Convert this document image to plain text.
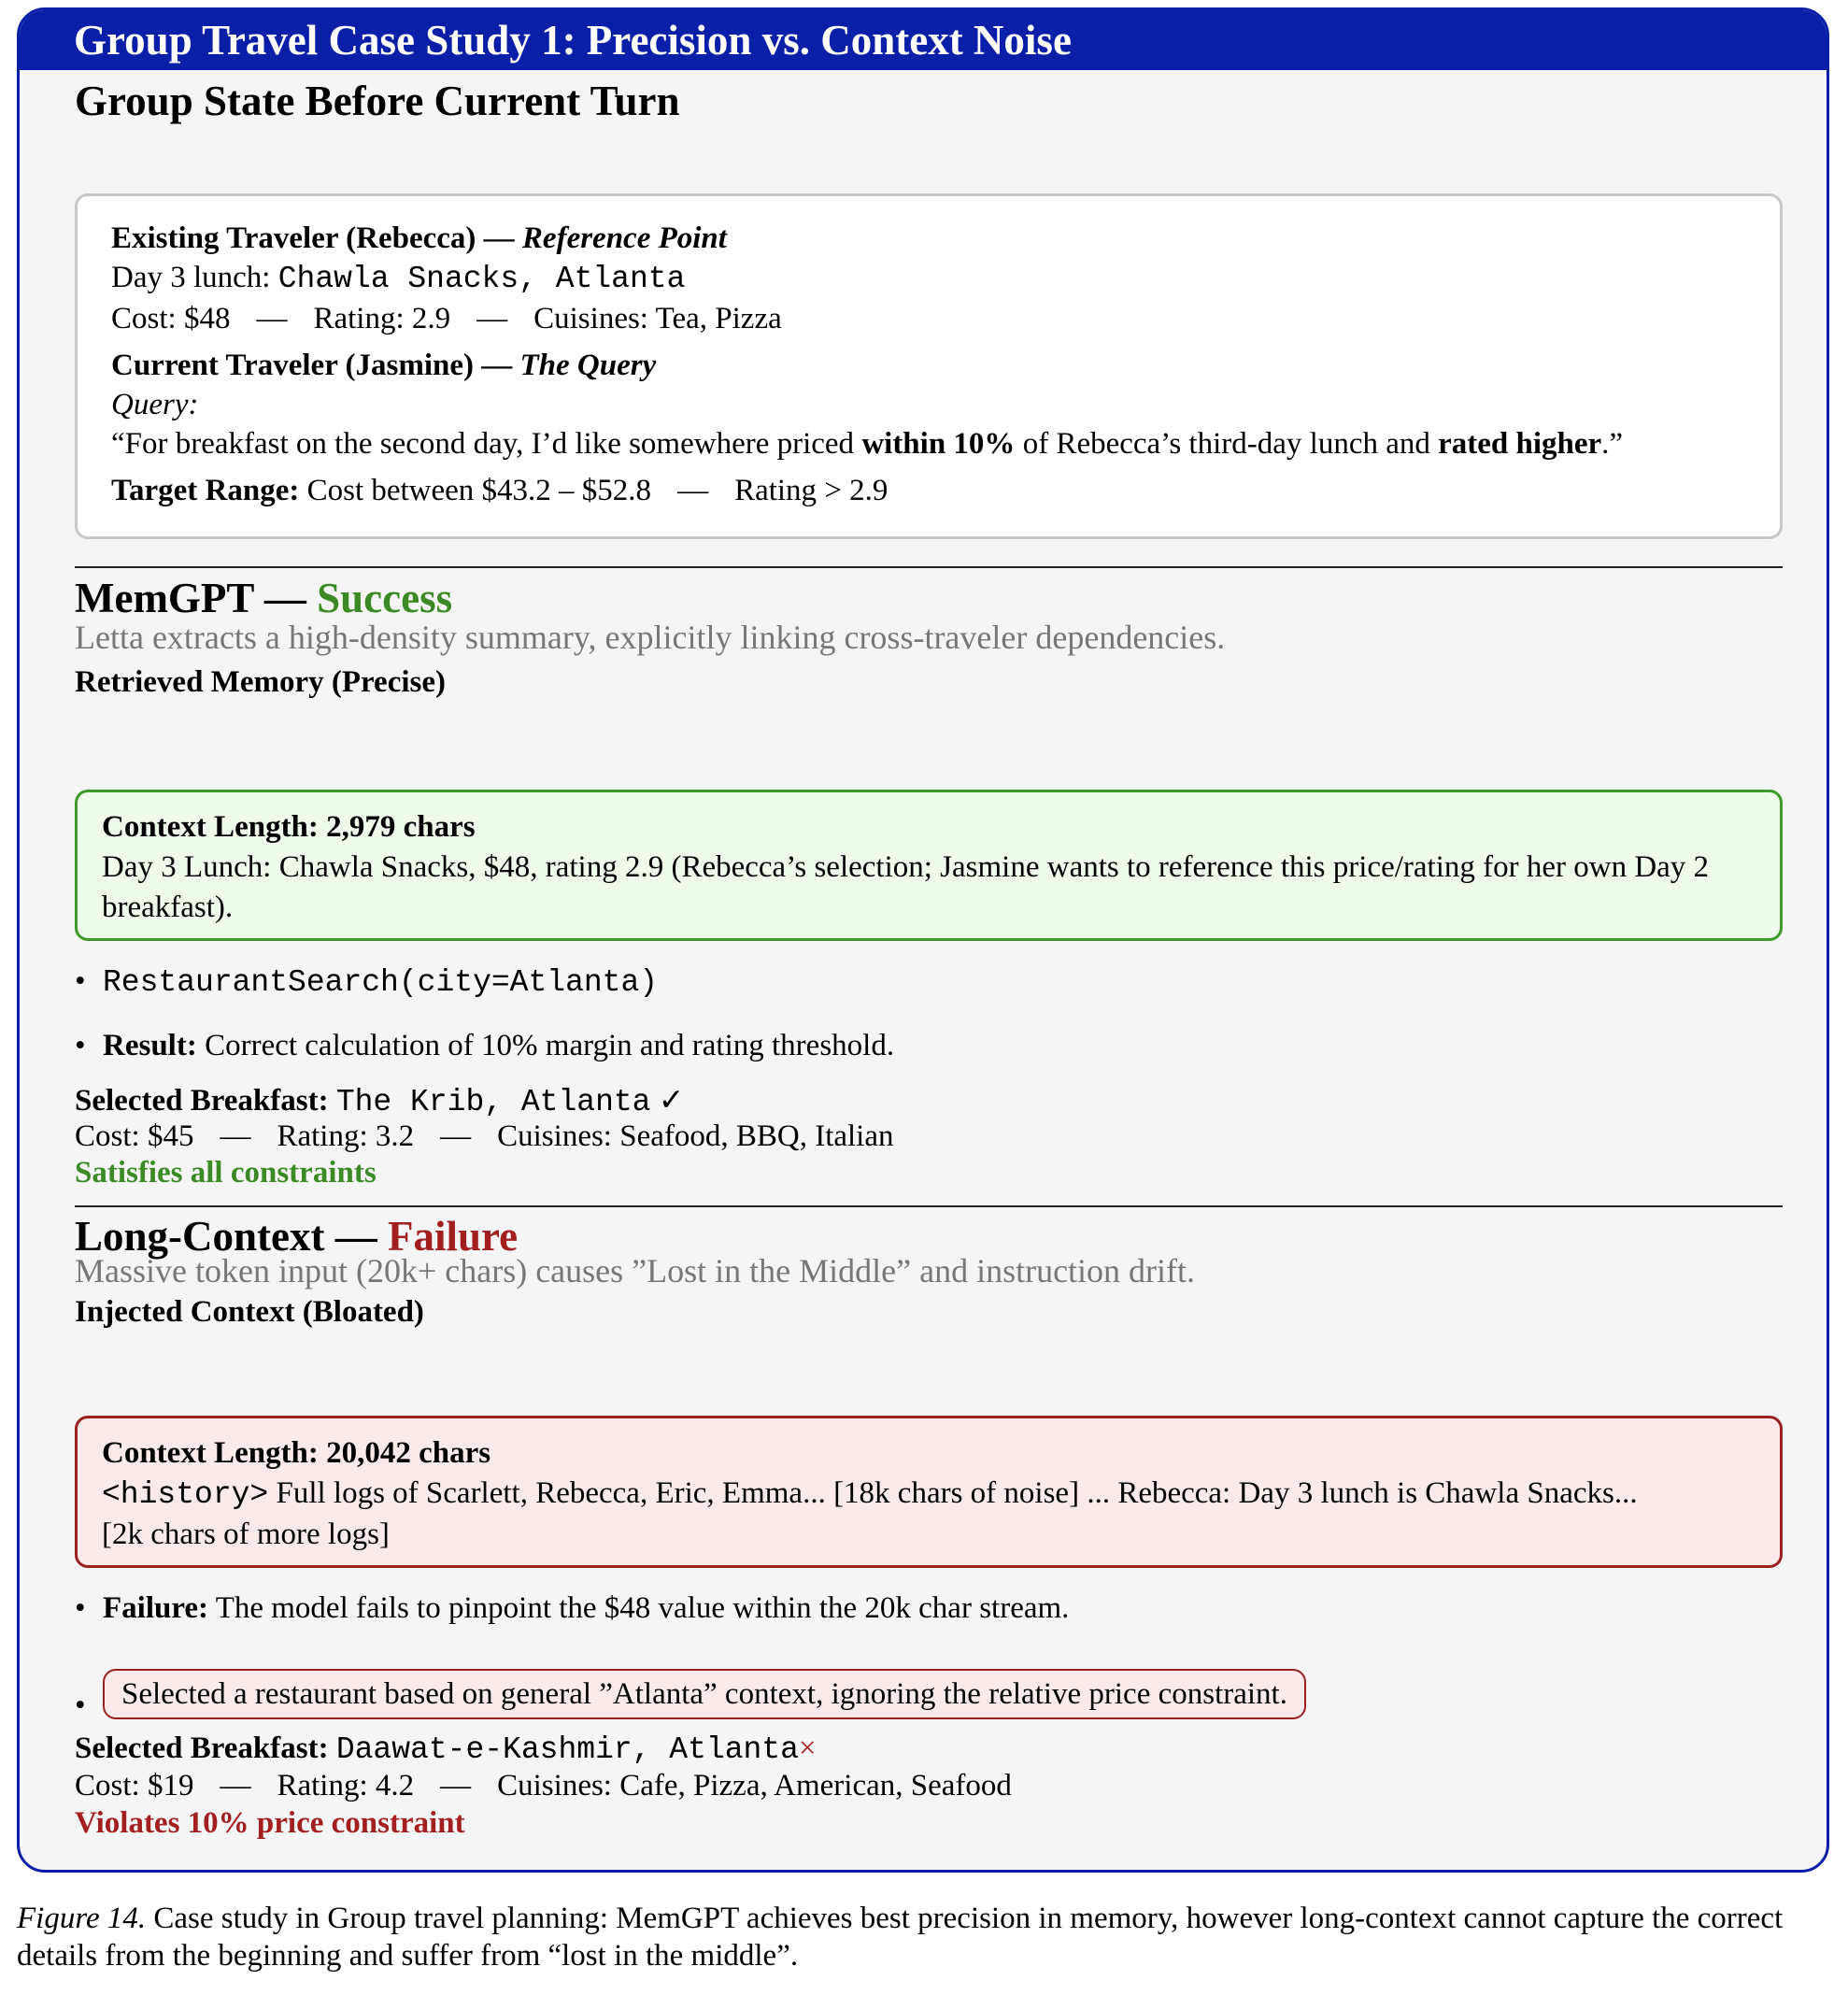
Group Travel Case Study 1: Precision vs. Context Noise
Group State Before Current Turn
Existing Traveler (Rebecca) — Reference Point
Day 3 lunch: Chawla Snacks, Atlanta
Cost: $48 — Rating: 2.9 — Cuisines: Tea, Pizza
Current Traveler (Jasmine) — The Query
Query:
“For breakfast on the second day, I’d like somewhere priced within 10% of Rebecca’s third-day lunch and rated higher.”
Target Range: Cost between $43.2 – $52.8 — Rating > 2.9
MemGPT — Success
Letta extracts a high-density summary, explicitly linking cross-traveler dependencies.
Retrieved Memory (Precise)
Context Length: 2,979 chars
Day 3 Lunch: Chawla Snacks, $48, rating 2.9 (Rebecca’s selection; Jasmine wants to reference this price/rating for her own Day 2 breakfast).
• RestaurantSearch(city=Atlanta)
• Result: Correct calculation of 10% margin and rating threshold.
Selected Breakfast: The Krib, Atlanta ✓
Cost: $45 — Rating: 3.2 — Cuisines: Seafood, BBQ, Italian
Satisfies all constraints
Long-Context — Failure
Massive token input (20k+ chars) causes ”Lost in the Middle” and instruction drift.
Injected Context (Bloated)
Context Length: 20,042 chars
<history> Full logs of Scarlett, Rebecca, Eric, Emma... [18k chars of noise] ... Rebecca: Day 3 lunch is Chawla Snacks...
[2k chars of more logs]
• Failure: The model fails to pinpoint the $48 value within the 20k char stream.
• Selected a restaurant based on general ”Atlanta” context, ignoring the relative price constraint.
Selected Breakfast: Daawat-e-Kashmir, Atlanta×
Cost: $19 — Rating: 4.2 — Cuisines: Cafe, Pizza, American, Seafood
Violates 10% price constraint
Figure 14. Case study in Group travel planning: MemGPT achieves best precision in memory, however long-context cannot capture the correct details from the beginning and suffer from “lost in the middle”.
